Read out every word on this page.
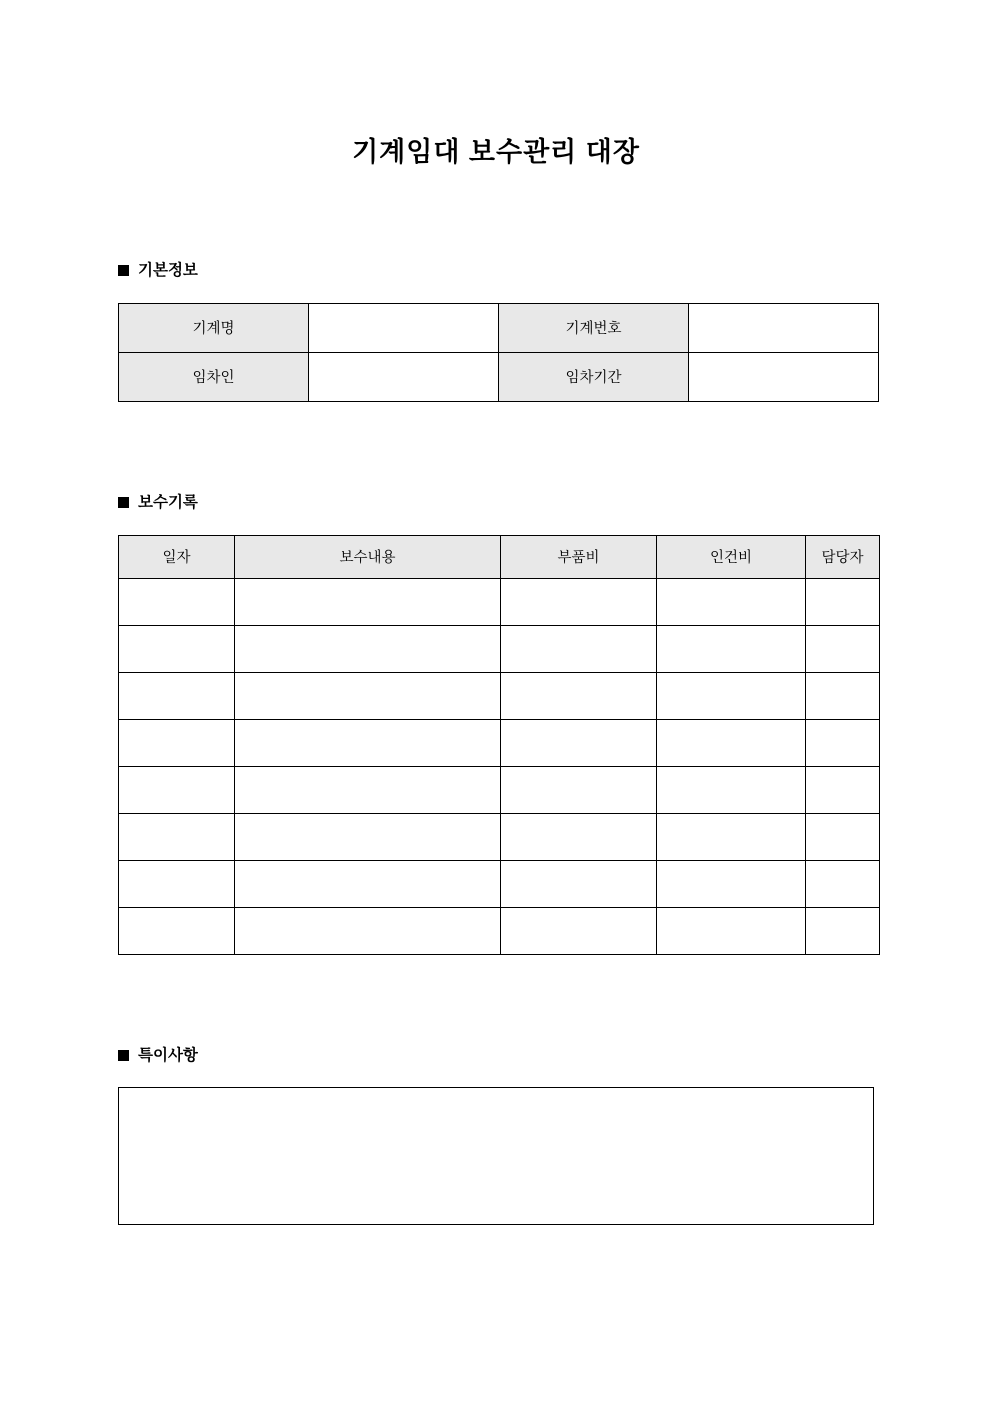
기계임대 보수관리 대장
기본정보
기계명		기계번호	
임차인		임차기간	
보수기록
일자	보수내용	부품비	인건비	담당자

특이사항
